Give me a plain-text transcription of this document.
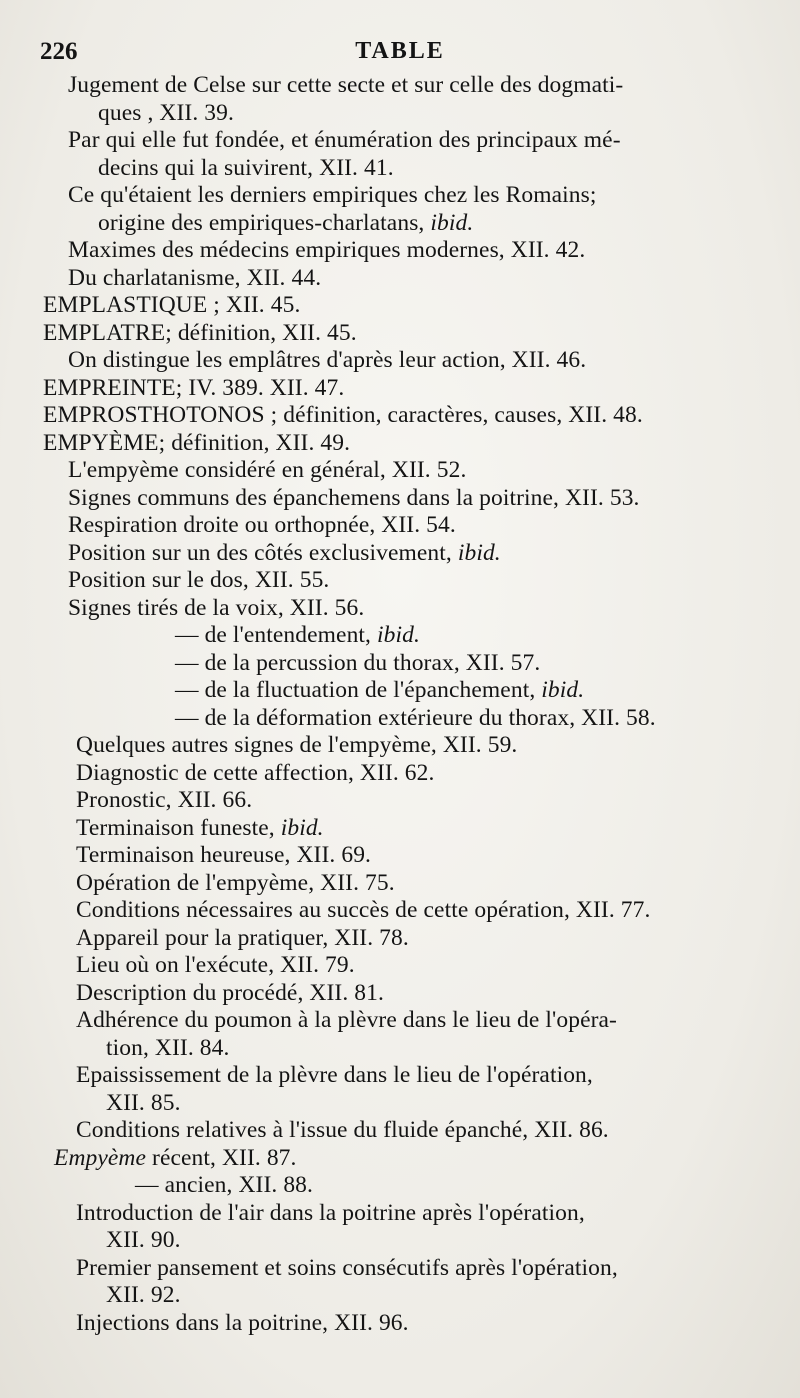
226	TABLE
Jugement de Celse sur cette secte et sur celle des dogmati-
ques , XII. 39.
Par qui elle fut fondée, et énumération des principaux mé-
decins qui la suivirent, XII. 41.
Ce qu'étaient les derniers empiriques chez les Romains;
origine des empiriques-charlatans, ibid.
Maximes des médecins empiriques modernes, XII. 42.
Du charlatanisme, XII. 44.
EMPLASTIQUE ; XII. 45.
EMPLATRE; définition, XII. 45.
On distingue les emplâtres d'après leur action, XII. 46.
EMPREINTE; IV. 389. XII. 47.
EMPROSTHOTONOS ; définition, caractères, causes, XII. 48.
EMPYÈME; définition, XII. 49.
L'empyème considéré en général, XII. 52.
Signes communs des épanchemens dans la poitrine, XII. 53.
Respiration droite ou orthopnée, XII. 54.
Position sur un des côtés exclusivement, ibid.
Position sur le dos, XII. 55.
Signes tirés de la voix, XII. 56.
— de l'entendement, ibid.
— de la percussion du thorax, XII. 57.
— de la fluctuation de l'épanchement, ibid.
— de la déformation extérieure du thorax, XII. 58.
Quelques autres signes de l'empyème, XII. 59.
Diagnostic de cette affection, XII. 62.
Pronostic, XII. 66.
Terminaison funeste, ibid.
Terminaison heureuse, XII. 69.
Opération de l'empyème, XII. 75.
Conditions nécessaires au succès de cette opération, XII. 77.
Appareil pour la pratiquer, XII. 78.
Lieu où on l'exécute, XII. 79.
Description du procédé, XII. 81.
Adhérence du poumon à la plèvre dans le lieu de l'opéra-
tion, XII. 84.
Epaississement de la plèvre dans le lieu de l'opération,
XII. 85.
Conditions relatives à l'issue du fluide épanché, XII. 86.
Empyème récent, XII. 87.
— ancien, XII. 88.
Introduction de l'air dans la poitrine après l'opération,
XII. 90.
Premier pansement et soins consécutifs après l'opération,
XII. 92.
Injections dans la poitrine, XII. 96.
